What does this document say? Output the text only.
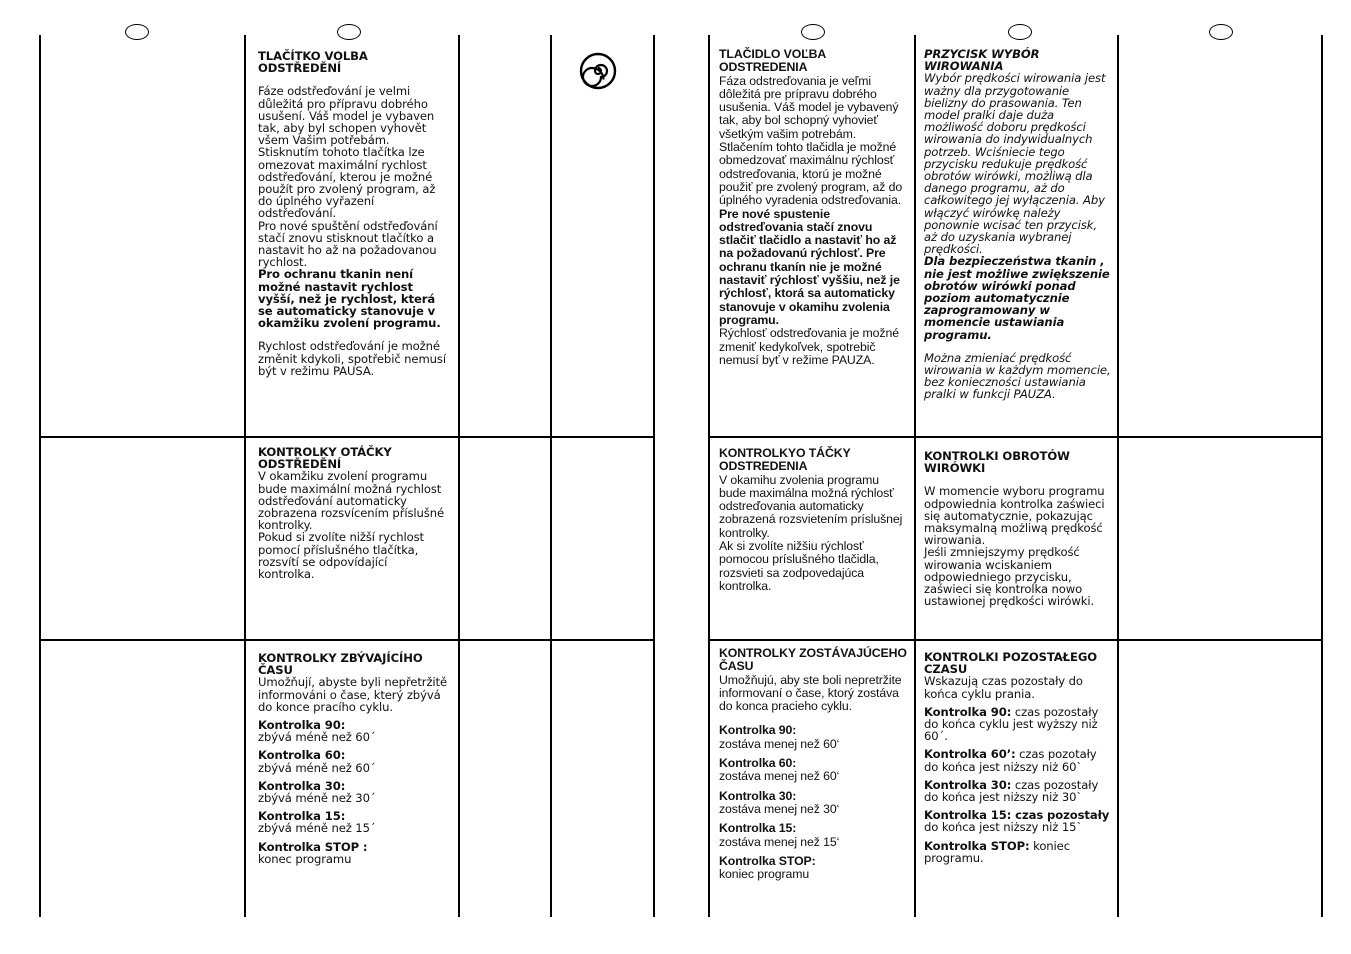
TLAČÍTKO VOLBA ODSTŘEDĚNÍ

Fáze odstřeďování je velmi důležitá pro přípravu dobrého usušení. Váš model je vybaven tak, aby byl schopen vyhovět všem Vašim potřebám.

Stisknutím tohoto tlačítka lze omezovat maximální rychlost odstřeďování, kterou je možné použít pro zvolený program, až do úplného vyřazení odstřeďování.

Pro nové spuštění odstřeďování stačí znovu stisknout tlačítko a nastavit ho až na požadovanou rychlost.

Pro ochranu tkanin není možné nastavit rychlost vyšší, než je rychlost, která se automaticky stanovuje v okamžiku zvolení programu.

Rychlost odstřeďování je možné změnit kdykoli, spotřebič nemusí být v režimu PAUSA.

KONTROLKY OTÁČKY ODSTŘEDĚNÍ

V okamžiku zvolení programu bude maximální možná rychlost odstřeďování automaticky zobrazena rozsvícením příslušné kontrolky.

Pokud si zvolíte nižší rychlost pomocí příslušného tlačítka, rozsvítí se odpovídající kontrolka.

KONTROLKY ZBÝVAJÍCÍHO ČASU

Umožňují, abyste byli nepřetržitě informováni o čase, který zbývá do konce pracího cyklu.

Kontrolka 90:

zbývá méně než 60´

Kontrolka 60:

zbývá méně než 60´

Kontrolka 30:

zbývá méně než 30´

Kontrolka 15:

zbývá méně než 15´

Kontrolka STOP :

konec programu

TLAČIDLO VOĽBA ODSTREDENIA

Fáza odstreďovania je veľmi dôležitá pre prípravu dobrého usušenia. Váš model je vybavený tak, aby bol schopný vyhovieť všetkým vašim potrebám.

Stlačením tohto tlačidla je možné obmedzovať maximálnu rýchlosť odstreďovania, ktorú je možné použiť pre zvolený program, až do úplného vyradenia odstreďovania.

Pre nové spustenie odstreďovania stačí znovu stlačiť tlačidlo a nastaviť ho až na požadovanú rýchlosť. Pre ochranu tkanín nie je možné nastaviť rýchlosť vyššiu, než je rýchlosť, ktorá sa automaticky stanovuje v okamihu zvolenia programu.

Rýchlosť odstreďovania je možné zmeniť kedykoľvek, spotrebič nemusí byť v režime PAUZA.

KONTROLKYO TÁČKY ODSTREDENIA

V okamihu zvolenia programu bude maximálna možná rýchlosť odstreďovania automaticky zobrazená rozsvietením príslušnej kontrolky.

Ak si zvolíte nižšiu rýchlosť pomocou príslušného tlačidla, rozsvieti sa zodpovedajúca kontrolka.

KONTROLKY ZOSTÁVAJÚCEHO ČASU

Umožňujú, aby ste boli nepretržite informovaní o čase, ktorý zostáva do konca pracieho cyklu.

Kontrolka 90:

zostáva menej než 60‘

Kontrolka 60:

zostáva menej než 60‘

Kontrolka 30:

zostáva menej než 30‘

Kontrolka 15:

zostáva menej než 15‘

Kontrolka STOP:

koniec programu

PRZYCISK WYBÓR WIROWANIA

Wybór prędkości wirowania jest ważny dla przygotowanie bielizny do prasowania. Ten model pralki daje duża możliwość doboru prędkości wirowania do indywidualnych potrzeb. Wciśniecie tego przycisku redukuje prędkość obrotów wirówki, możliwą dla danego programu, aż do całkowitego jej wyłączenia. Aby włączyć wirówkę należy ponownie wcisać ten przycisk, aż do uzyskania wybranej prędkości.

Dla bezpieczeństwa tkanin , nie jest możliwe zwiększenie obrotów wirówki ponad poziom automatycznie zaprogramowany w momencie ustawiania programu.

Można zmieniać prędkość wirowania w każdym momencie, bez konieczności ustawiania pralki w funkcji PAUZA.

KONTROLKI OBROTÓW WIRÓWKI

W momencie wyboru programu odpowiednia kontrolka zaświeci się automatycznie, pokazując maksymalną możliwą prędkość wirowania.

Jeśli zmniejszymy prędkość wirowania wciskaniem odpowiedniego przycisku, zaświeci się kontrolka nowo ustawionej prędkości wirówki.

KONTROLKI POZOSTAŁEGO CZASU

Wskazują czas pozostały do końca cyklu prania.

Kontrolka 90: czas pozostały do końca cyklu jest wyższy niż 60´.

Kontrolka 60’: czas pozotały do końca jest niższy niż 60`

Kontrolka 30: czas pozostały do końca jest niższy niż 30`

Kontrolka 15: czas pozostały
do końca jest niższy niż 15`

Kontrolka STOP: koniec programu.
